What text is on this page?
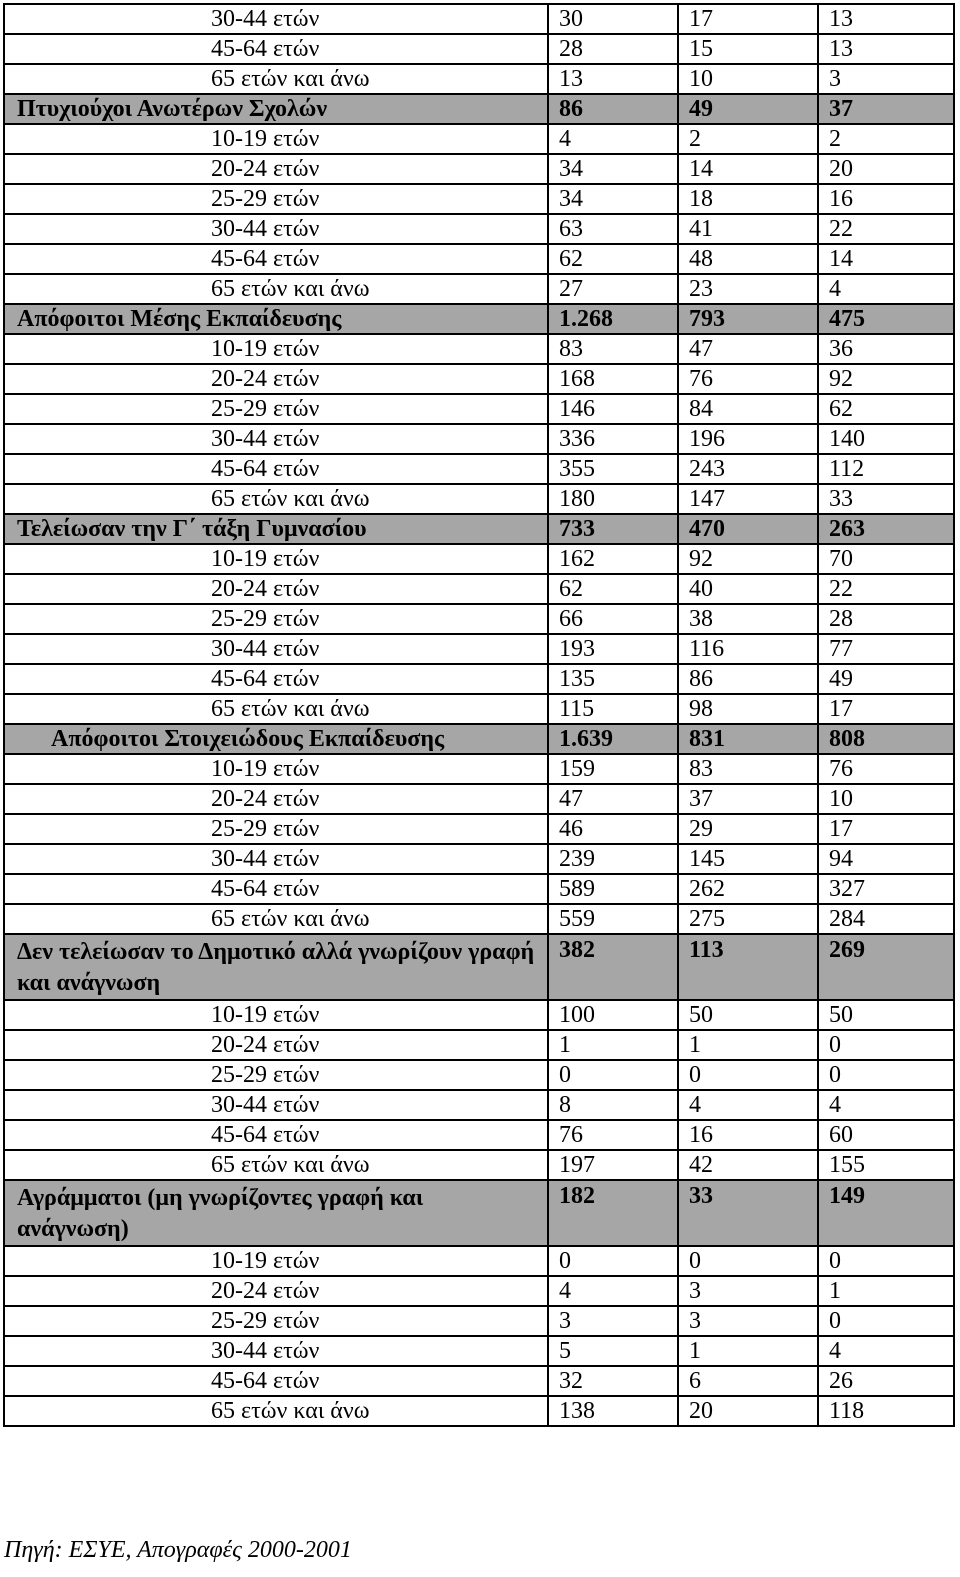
30-44 ετών	30	17	13
45-64 ετών	28	15	13
65 ετών και άνω	13	10	3
Πτυχιούχοι Ανωτέρων Σχολών	86	49	37
10-19 ετών	4	2	2
20-24 ετών	34	14	20
25-29 ετών	34	18	16
30-44 ετών	63	41	22
45-64 ετών	62	48	14
65 ετών και άνω	27	23	4
Απόφοιτοι Μέσης Εκπαίδευσης	1.268	793	475
10-19 ετών	83	47	36
20-24 ετών	168	76	92
25-29 ετών	146	84	62
30-44 ετών	336	196	140
45-64 ετών	355	243	112
65 ετών και άνω	180	147	33
Τελείωσαν την Γ΄ τάξη Γυμνασίου	733	470	263
10-19 ετών	162	92	70
20-24 ετών	62	40	22
25-29 ετών	66	38	28
30-44 ετών	193	116	77
45-64 ετών	135	86	49
65 ετών και άνω	115	98	17
Απόφοιτοι Στοιχειώδους Εκπαίδευσης	1.639	831	808
10-19 ετών	159	83	76
20-24 ετών	47	37	10
25-29 ετών	46	29	17
30-44 ετών	239	145	94
45-64 ετών	589	262	327
65 ετών και άνω	559	275	284
Δεν τελείωσαν το Δημοτικό αλλά γνωρίζουν γραφή και ανάγνωση	382	113	269
10-19 ετών	100	50	50
20-24 ετών	1	1	0
25-29 ετών	0	0	0
30-44 ετών	8	4	4
45-64 ετών	76	16	60
65 ετών και άνω	197	42	155
Αγράμματοι (μη γνωρίζοντες γραφή και ανάγνωση)	182	33	149
10-19 ετών	0	0	0
20-24 ετών	4	3	1
25-29 ετών	3	3	0
30-44 ετών	5	1	4
45-64 ετών	32	6	26
65 ετών και άνω	138	20	118
Πηγή: ΕΣΥΕ, Απογραφές 2000-2001
